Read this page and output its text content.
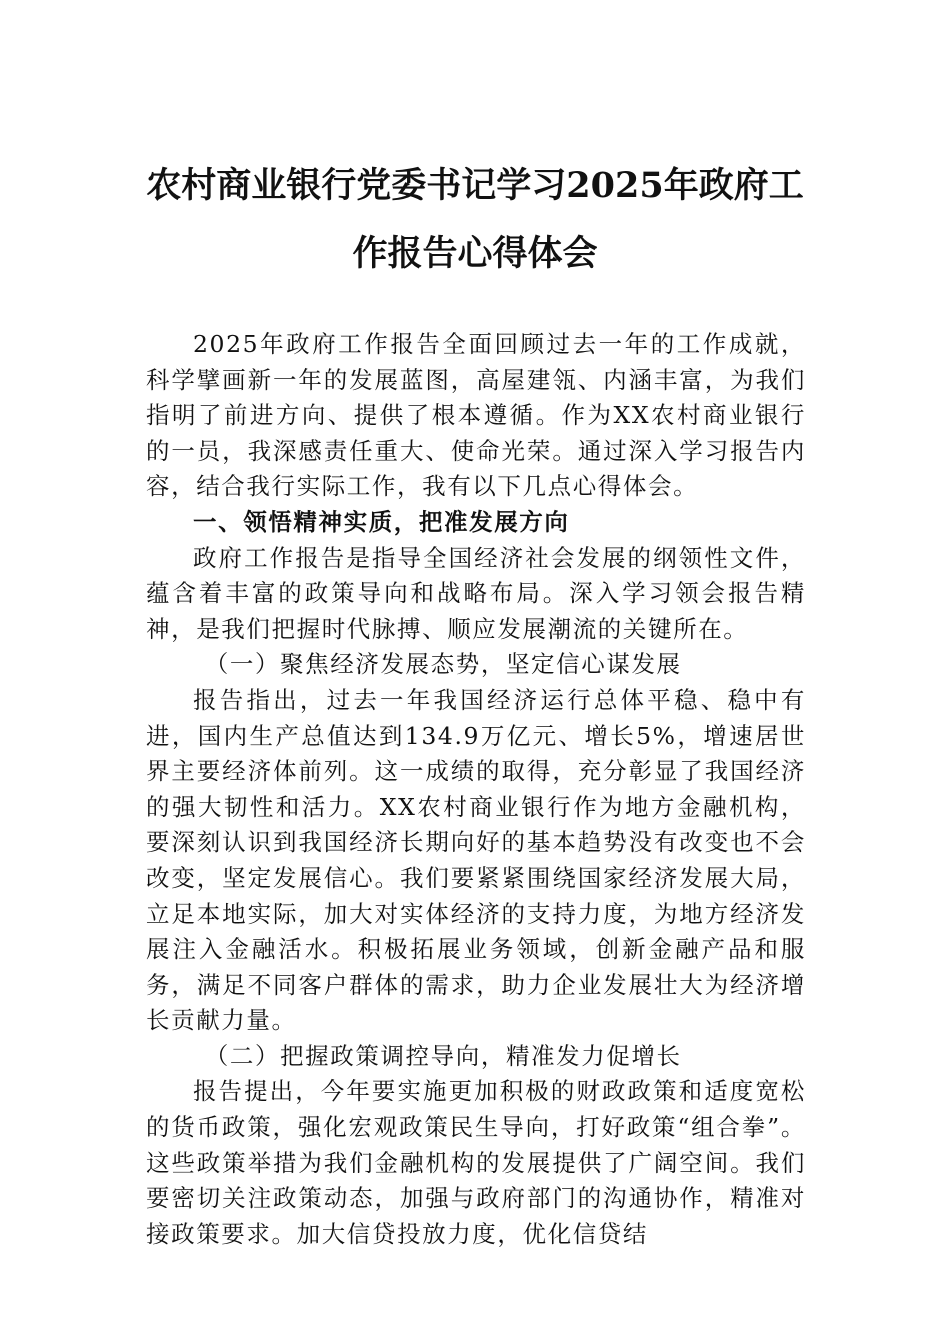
农村商业银行党委书记学习2025年政府工
作报告心得体会

2025年政府工作报告全面回顾过去一年的工作成就，科学擘画新一年的发展蓝图，高屋建瓴、内涵丰富，为我们指明了前进方向、提供了根本遵循。作为XX农村商业银行的一员，我深感责任重大、使命光荣。通过深入学习报告内容，结合我行实际工作，我有以下几点心得体会。

一、领悟精神实质，把准发展方向

政府工作报告是指导全国经济社会发展的纲领性文件，蕴含着丰富的政策导向和战略布局。深入学习领会报告精神，是我们把握时代脉搏、顺应发展潮流的关键所在。

（一）聚焦经济发展态势，坚定信心谋发展

报告指出，过去一年我国经济运行总体平稳、稳中有进，国内生产总值达到134.9万亿元、增长5%，增速居世界主要经济体前列。这一成绩的取得，充分彰显了我国经济的强大韧性和活力。XX农村商业银行作为地方金融机构，要深刻认识到我国经济长期向好的基本趋势没有改变也不会改变，坚定发展信心。我们要紧紧围绕国家经济发展大局，立足本地实际，加大对实体经济的支持力度，为地方经济发展注入金融活水。积极拓展业务领域，创新金融产品和服务，满足不同客户群体的需求，助力企业发展壮大为经济增长贡献力量。

（二）把握政策调控导向，精准发力促增长

报告提出，今年要实施更加积极的财政政策和适度宽松的货币政策，强化宏观政策民生导向，打好政策“组合拳”。这些政策举措为我们金融机构的发展提供了广阔空间。我们要密切关注政策动态，加强与政府部门的沟通协作，精准对接政策要求。加大信贷投放力度，优化信贷结
